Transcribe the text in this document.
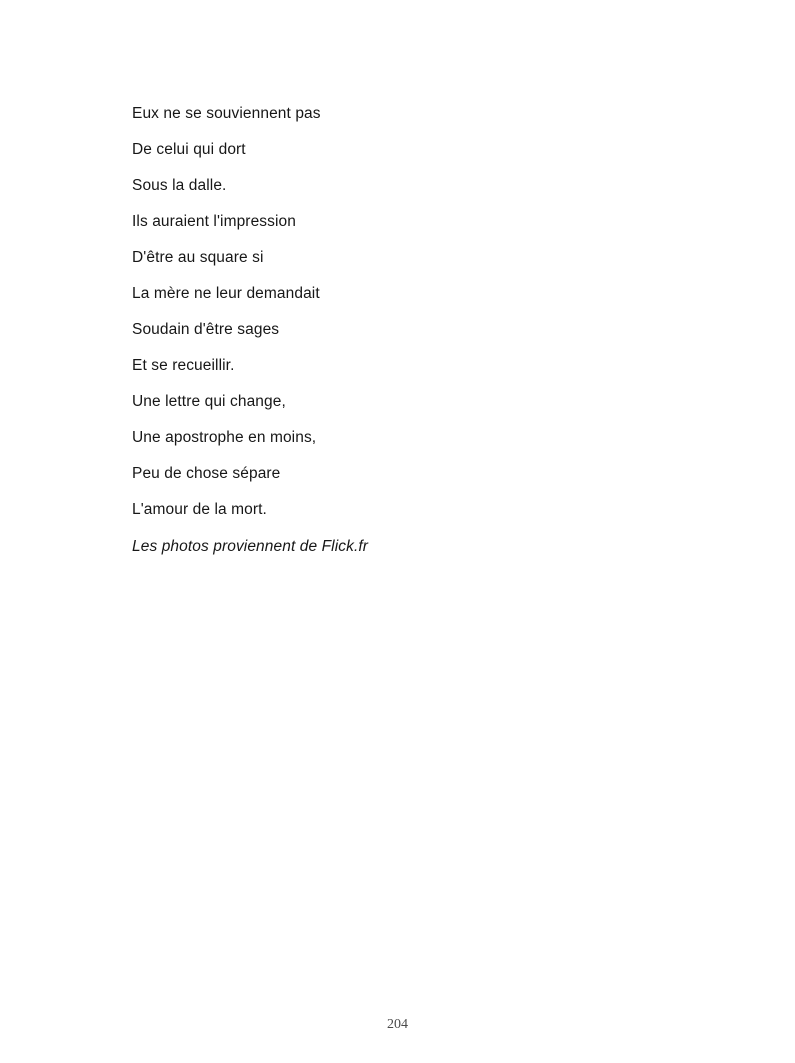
Eux ne se souviennent pas
De celui qui dort
Sous la dalle.
Ils auraient l'impression
D'être au square si
La mère ne leur demandait
Soudain d'être sages
Et se recueillir.
Une lettre qui change,
Une apostrophe en moins,
Peu de chose sépare
L'amour de la mort.
Les photos proviennent de Flick.fr
204
